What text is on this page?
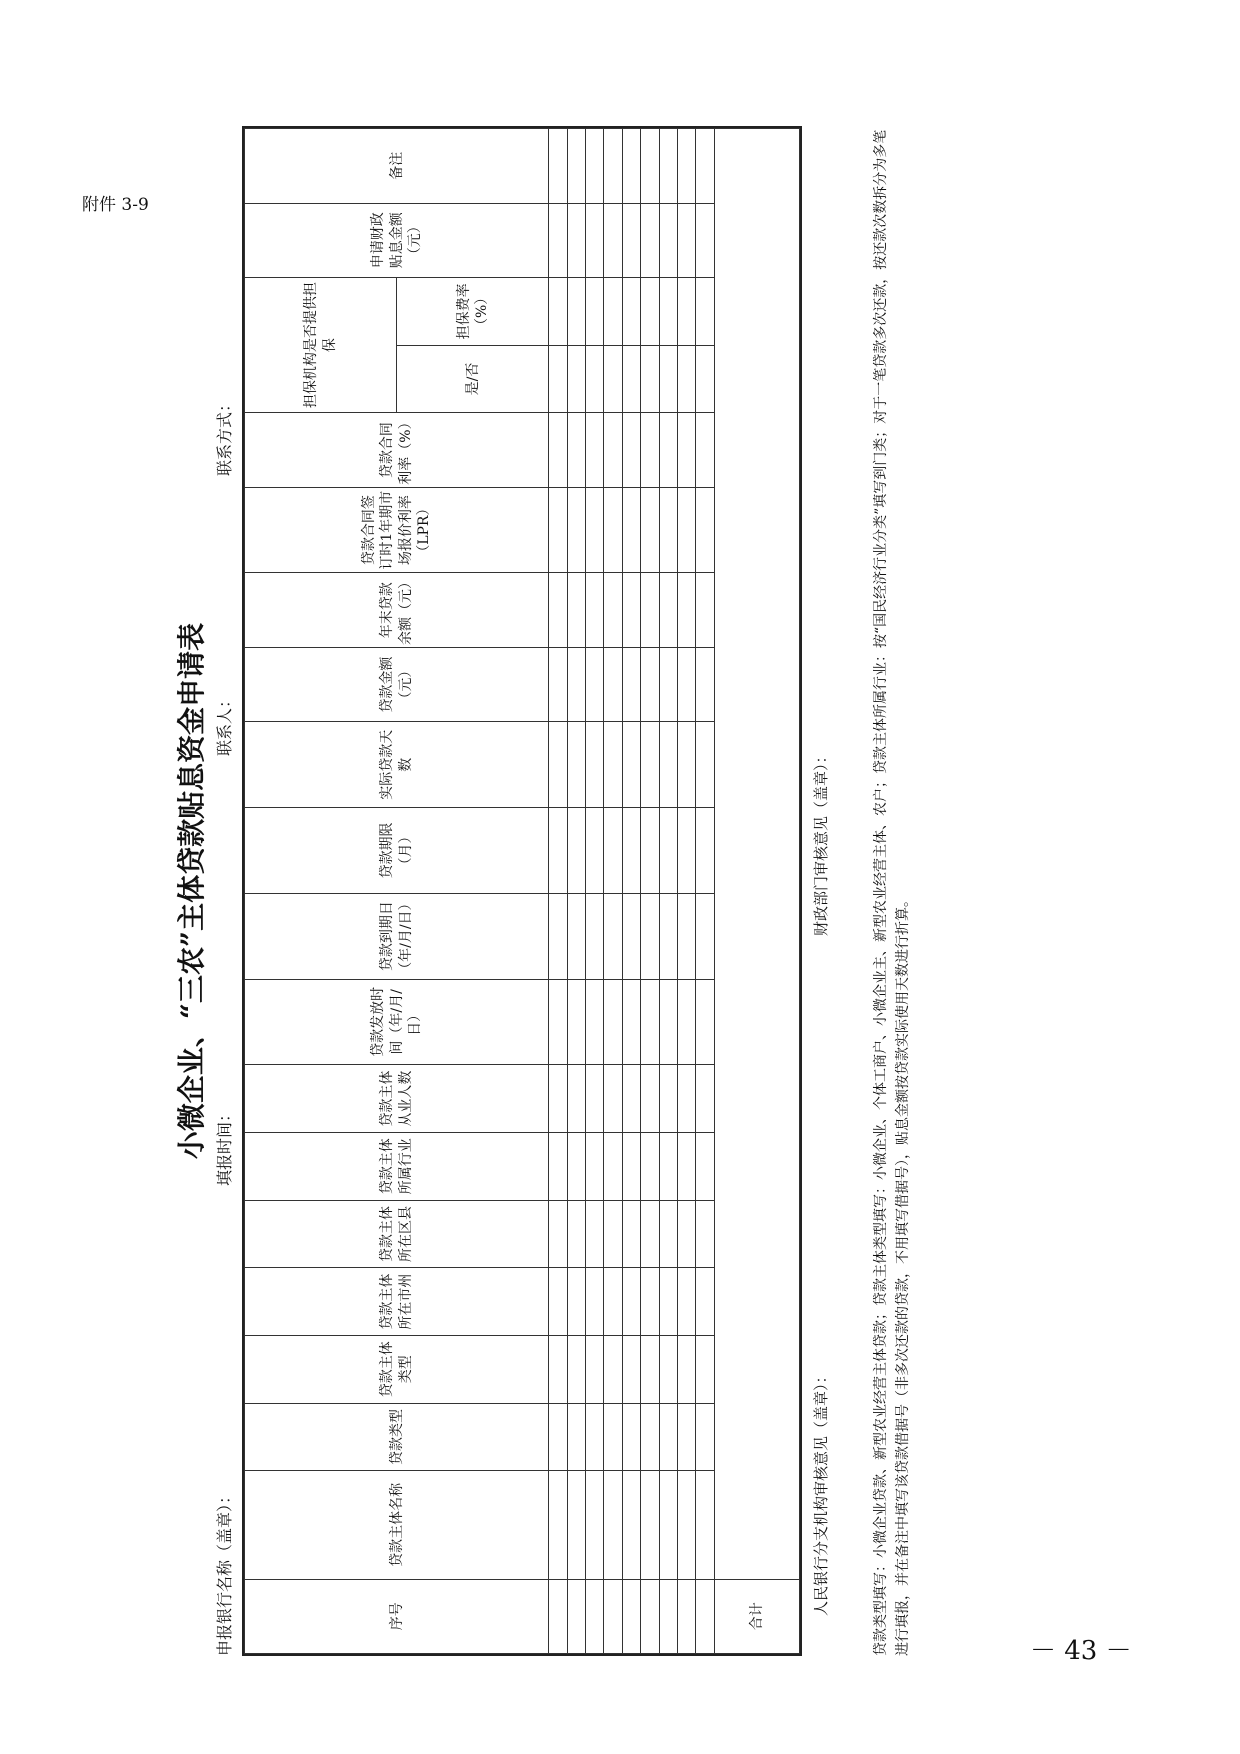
附件 3-9
小微企业、“三农”主体贷款贴息资金申请表
申报银行名称（盖章）：
填报时间：
联系人：
联系方式：
序号	贷款主体名称	贷款类型	贷款主体类型	贷款主体所在市州	贷款主体所在区县	贷款主体所属行业	贷款主体从业人数	贷款发放时间（年/月/日）	贷款到期日（年/月/日）	贷款期限（月）	实际贷款天数	贷款金额（元）	年末贷款余额（元）	贷款合同签订时1年期市场报价利率（LPR）	贷款合同利率（%）	担保机构是否提供担保		申请财政贴息金额（元）	备注
																是/否	担保费率（%）		

合计																			
人民银行分支机构审核意见（盖章）：
财政部门审核意见（盖章）：	贷款类型填写：小微企业贷款、新型农业经营主体贷款；贷款主体类型填写：小微企业、个体工商户、小微企业主、新型农业经营主体、农户；贷款主体所属行业：按“国民经济行业分类”填写到门类；对于一笔贷款多次还款，按还款次数拆分为多笔进行填报，并在备注中填写该贷款借据号（非多次还款的贷款，不用填写借据号），贴息金额按贷款实际使用天数进行折算。	－ 43 －
